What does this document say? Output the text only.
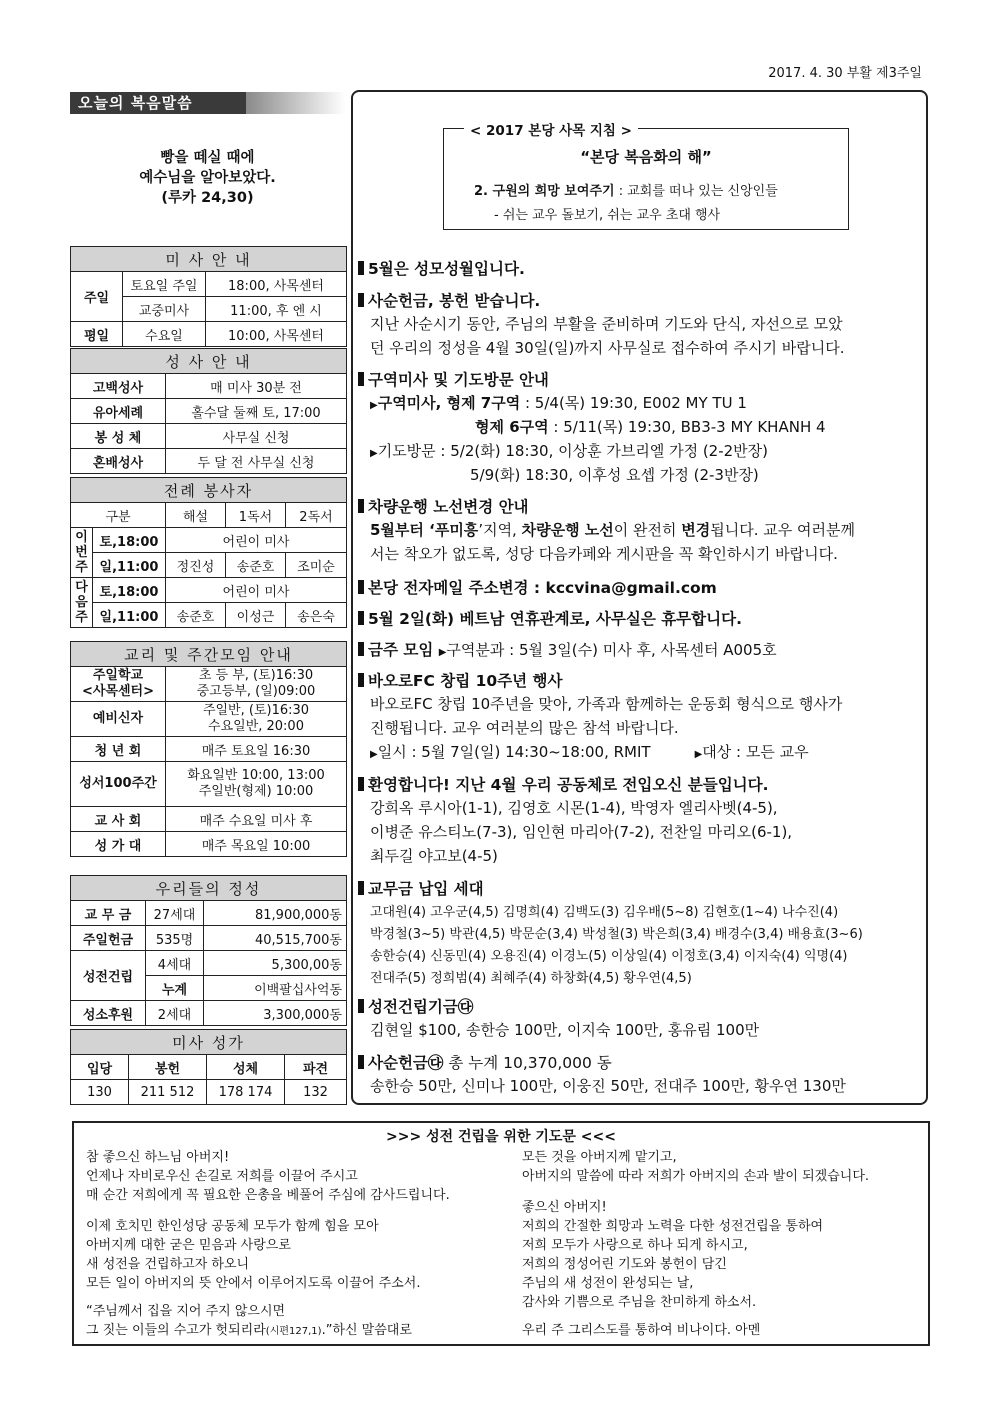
2017. 4. 30 부활 제3주일
오늘의 복음말씀
빵을 떼실 때에
예수님을 알아보았다.
(루카 24,30)
미 사 안 내		
주일	토요일 주일	18:00, 사목센터
	교중미사	11:00, 후 엔 시
평일	수요일	10:00, 사목센터
성 사 안 내	
고백성사	매 미사 30분 전
유아세례	홀수달 둘째 토, 17:00
봉 성 체	사무실 신청
혼배성사	두 달 전 사무실 신청
전례 봉사자				
구분		해설	1독서	2독서
이번주	토,18:00	어린이 미사		
	일,11:00	정진성	송준호	조미순
다음주	토,18:00	어린이 미사		
	일,11:00	송준호	이성근	송은숙
교리 및 주간모임 안내	
주일학교
<사목센터>	초 등 부, (토)16:30
중고등부, (일)09:00
예비신자	주일반, (토)16:30
수요일반, 20:00
청 년 회	매주 토요일 16:30
성서100주간	화요일반 10:00, 13:00
주일반(형제) 10:00
교 사 회	매주 수요일 미사 후
성 가 대	매주 목요일 10:00
우리들의 정성		
교 무 금	27세대	81,900,000동
주일헌금	535명	40,515,700동
성전건립	4세대	5,300,00동
	누계	이백팔십사억동
성소후원	2세대	3,300,000동
미사 성가			
입당	봉헌	성체	파견
130	211 512	178 174	132
< 2017 본당 사목 지침 >
“본당 복음화의 해”
2. 구원의 희망 보여주기 : 교회를 떠나 있는 신앙인들
- 쉬는 교우 돌보기, 쉬는 교우 초대 행사
5월은 성모성월입니다.
사순헌금, 봉헌 받습니다.
지난 사순시기 동안, 주님의 부활을 준비하며 기도와 단식, 자선으로 모았
던 우리의 정성을 4월 30일(일)까지 사무실로 접수하여 주시기 바랍니다.
구역미사 및 기도방문 안내
▶구역미사, 형제 7구역 : 5/4(목) 19:30, E002 MY TU 1
형제 6구역 : 5/11(목) 19:30, BB3-3 MY KHANH 4
▶기도방문 : 5/2(화) 18:30, 이상훈 가브리엘 가정 (2-2반장)
5/9(화) 18:30, 이후성 요셉 가정 (2-3반장)
차량운행 노선변경 안내
5월부터 ‘푸미흥’지역, 차량운행 노선이 완전히 변경됩니다. 교우 여러분께
서는 착오가 없도록, 성당 다음카페와 게시판을 꼭 확인하시기 바랍니다.
본당 전자메일 주소변경 : kccvina@gmail.com
5월 2일(화) 베트남 연휴관계로, 사무실은 휴무합니다.
금주 모임 ▶구역분과 : 5월 3일(수) 미사 후, 사목센터 A005호
바오로FC 창립 10주년 행사
바오로FC 창립 10주년을 맞아, 가족과 함께하는 운동회 형식으로 행사가
진행됩니다. 교우 여러분의 많은 참석 바랍니다.
▶일시 : 5월 7일(일) 14:30~18:00, RMIT	▶대상 : 모든 교우
환영합니다! 지난 4월 우리 공동체로 전입오신 분들입니다.
강희옥 루시아(1-1), 김영호 시몬(1-4), 박영자 엘리사벳(4-5),
이병준 유스티노(7-3), 임인현 마리아(7-2), 전찬일 마리오(6-1),
최두길 야고보(4-5)
교무금 납입 세대
고대원(4) 고우군(4,5) 김명희(4) 김백도(3) 김우배(5~8) 김현호(1~4) 나수진(4)
박경철(3~5) 박관(4,5) 박문순(3,4) 박성철(3) 박은희(3,4) 배경수(3,4) 배용효(3~6)
송한승(4) 신동민(4) 오용진(4) 이경노(5) 이상일(4) 이정호(3,4) 이지숙(4) 익명(4)
전대주(5) 정희범(4) 최혜주(4) 하창화(4,5) 황우연(4,5)
성전건립기금㉰
김현일 $100, 송한승 100만, 이지숙 100만, 홍유림 100만
사순헌금㉰ 총 누계 10,370,000 동
송한승 50만, 신미나 100만, 이웅진 50만, 전대주 100만, 황우연 130만
>>> 성전 건립을 위한 기도문 <<<
참 좋으신 하느님 아버지!
언제나 자비로우신 손길로 저희를 이끌어 주시고
매 순간 저희에게 꼭 필요한 은총을 베풀어 주심에 감사드립니다.
이제 호치민 한인성당 공동체 모두가 함께 힘을 모아
아버지께 대한 굳은 믿음과 사랑으로
새 성전을 건립하고자 하오니
모든 일이 아버지의 뜻 안에서 이루어지도록 이끌어 주소서.
“주님께서 집을 지어 주지 않으시면
그 짓는 이들의 수고가 헛되리라(시편127,1).”하신 말씀대로
모든 것을 아버지께 맡기고,
아버지의 말씀에 따라 저희가 아버지의 손과 발이 되겠습니다.
좋으신 아버지!
저희의 간절한 희망과 노력을 다한 성전건립을 통하여
저희 모두가 사랑으로 하나 되게 하시고,
저희의 정성어린 기도와 봉헌이 담긴
주님의 새 성전이 완성되는 날,
감사와 기쁨으로 주님을 찬미하게 하소서.
우리 주 그리스도를 통하여 비나이다. 아멘
